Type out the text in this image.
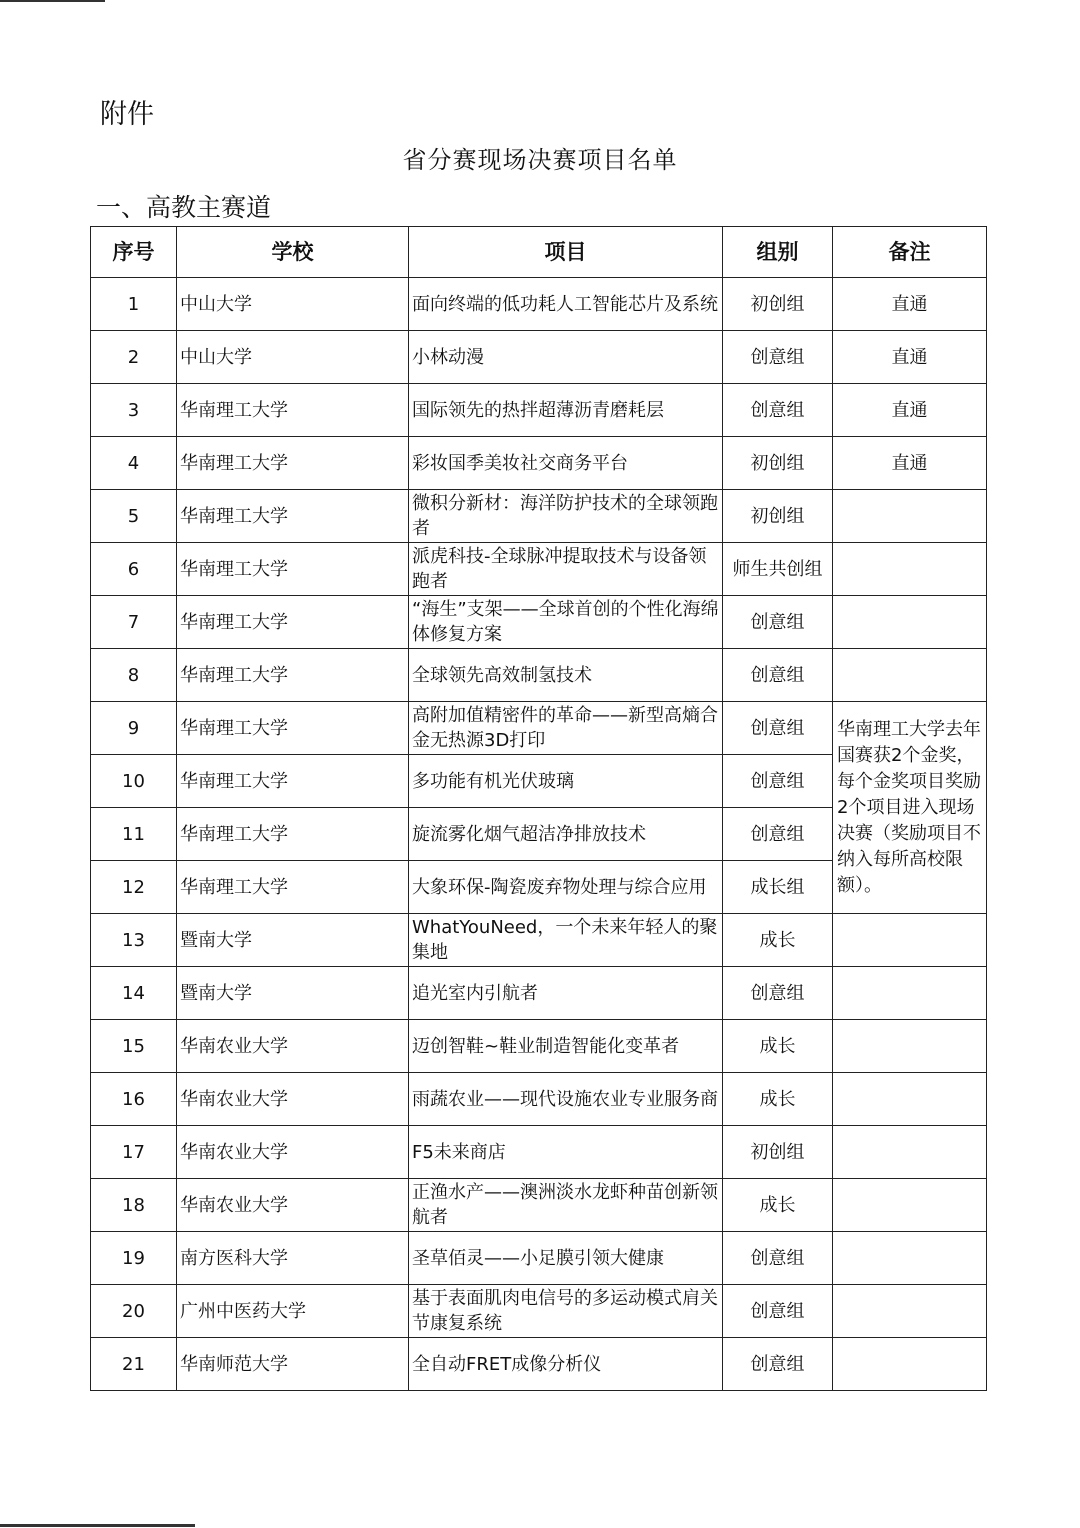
附件
省分赛现场决赛项目名单
一、高教主赛道
序号	学校	项目	组别	备注
1	中山大学	面向终端的低功耗人工智能芯片及系统	初创组	直通
2	中山大学	小林动漫	创意组	直通
3	华南理工大学	国际领先的热拌超薄沥青磨耗层	创意组	直通
4	华南理工大学	彩妆国季美妆社交商务平台	初创组	直通
5	华南理工大学	微积分新材：海洋防护技术的全球领跑者	初创组	
6	华南理工大学	派虎科技-全球脉冲提取技术与设备领跑者	师生共创组	
7	华南理工大学	“海生”支架——全球首创的个性化海绵体修复方案	创意组	
8	华南理工大学	全球领先高效制氢技术	创意组	
9	华南理工大学	高附加值精密件的革命——新型高熵合金无热源3D打印	创意组	华南理工大学去年国赛获2个金奖，每个金奖项目奖励2个项目进入现场决赛（奖励项目不纳入每所高校限额）。
10	华南理工大学	多功能有机光伏玻璃	创意组	
11	华南理工大学	旋流雾化烟气超洁净排放技术	创意组	
12	华南理工大学	大象环保-陶瓷废弃物处理与综合应用	成长组	
13	暨南大学	WhatYouNeed，一个未来年轻人的聚集地	成长	
14	暨南大学	追光室内引航者	创意组	
15	华南农业大学	迈创智鞋~鞋业制造智能化变革者	成长	
16	华南农业大学	雨蔬农业——现代设施农业专业服务商	成长	
17	华南农业大学	F5未来商店	初创组	
18	华南农业大学	正渔水产——澳洲淡水龙虾种苗创新领航者	成长	
19	南方医科大学	圣草佰灵——小足膜引领大健康	创意组	
20	广州中医药大学	基于表面肌肉电信号的多运动模式肩关节康复系统	创意组	
21	华南师范大学	全自动FRET成像分析仪	创意组	
